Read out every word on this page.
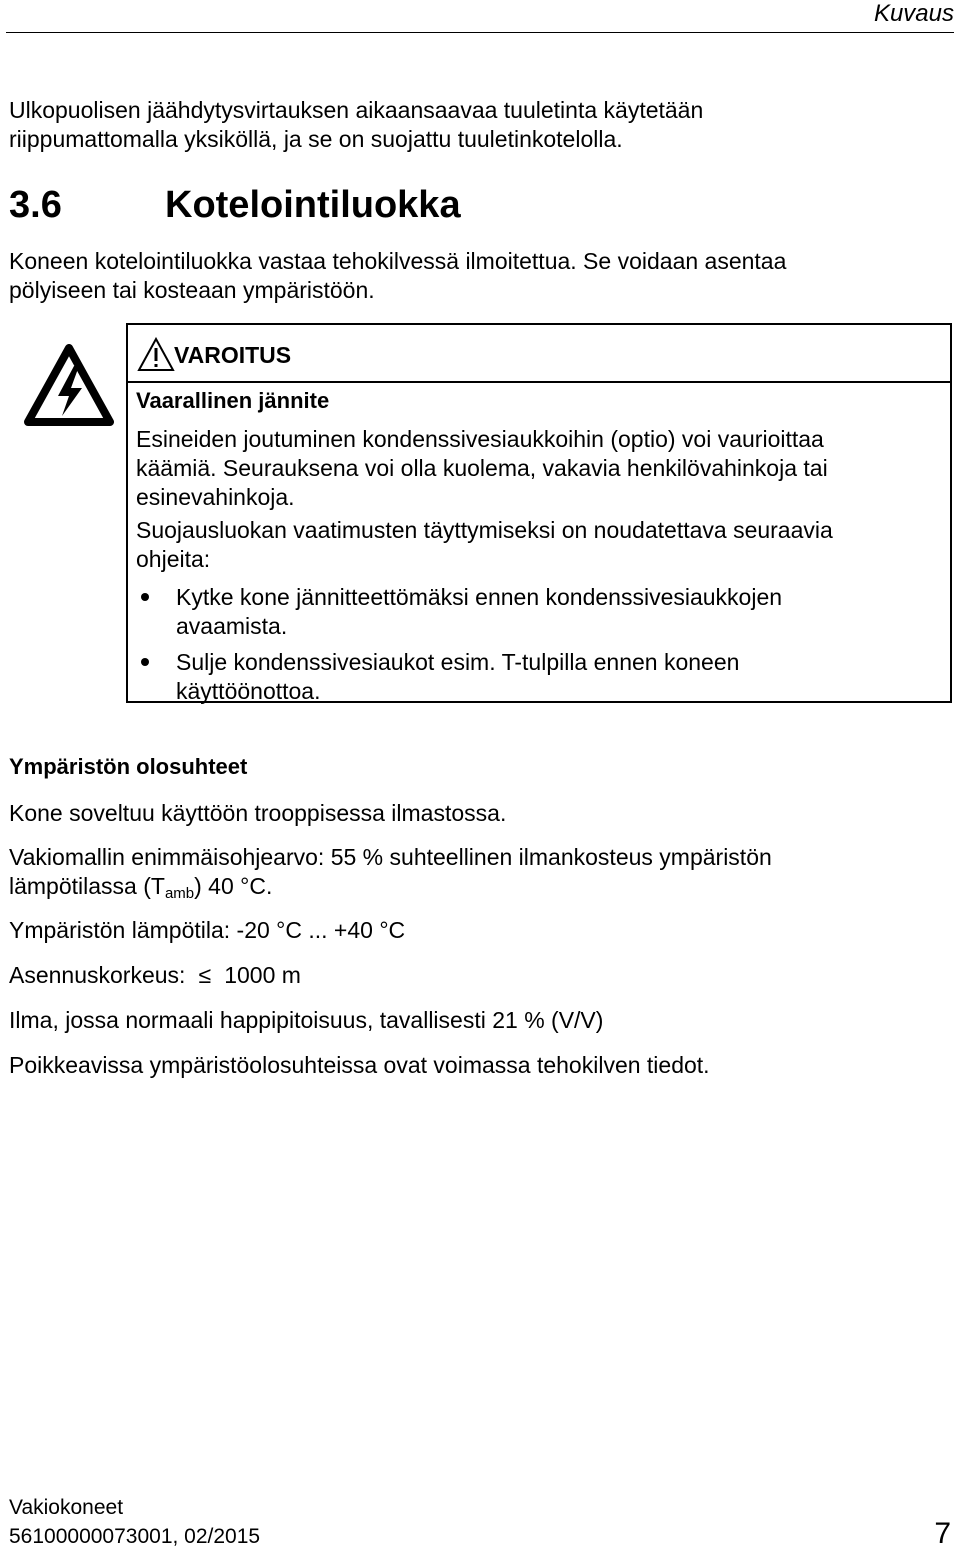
Kuvaus
Ulkopuolisen jäähdytysvirtauksen aikaansaavaa tuuletinta käytetään
riippumattomalla yksiköllä, ja se on suojattu tuuletinkotelolla.
3.6	Kotelointiluokka
Koneen kotelointiluokka vastaa tehokilvessä ilmoitettua. Se voidaan asentaa
pölyiseen tai kosteaan ympäristöön.
VAROITUS
Vaarallinen jännite
Esineiden joutuminen kondenssivesiaukkoihin (optio) voi vaurioittaa
käämiä. Seurauksena voi olla kuolema, vakavia henkilövahinkoja tai
esinevahinkoja.
Suojausluokan vaatimusten täyttymiseksi on noudatettava seuraavia
ohjeita:
Kytke kone jännitteettömäksi ennen kondenssivesiaukkojen
avaamista.
Sulje kondenssivesiaukot esim. T-tulpilla ennen koneen
käyttöönottoa.
Ympäristön olosuhteet
Kone soveltuu käyttöön trooppisessa ilmastossa.
Vakiomallin enimmäisohjearvo: 55 % suhteellinen ilmankosteus ympäristön
lämpötilassa $(T_{amb})$ 40 °C.
Ympäristön lämpötila: -20 °C ... +40 °C
Asennuskorkeus: ≤ 1000 m
Ilma, jossa normaali happipitoisuus, tavallisesti 21 % (V/V)
Poikkeavissa ympäristöolosuhteissa ovat voimassa tehokilven tiedot.
Vakiokoneet
56100000073001, 02/2015	7
